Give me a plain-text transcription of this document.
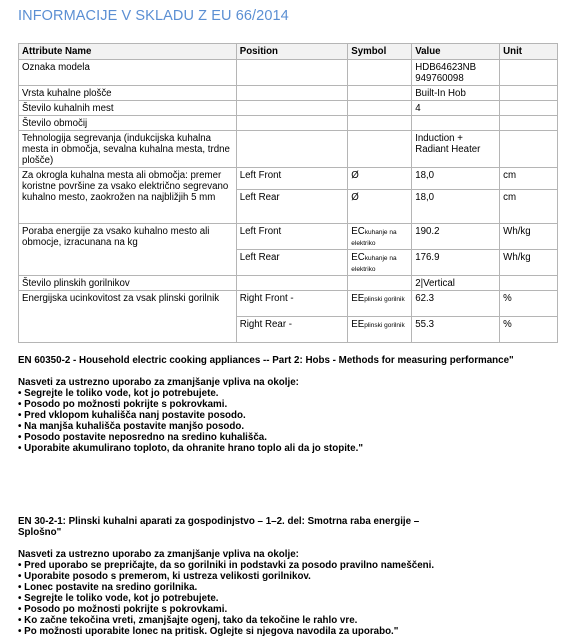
INFORMACIJE V SKLADU Z EU 66/2014
Attribute Name	Position	Symbol	Value	Unit
Oznaka modela			HDB64623NB
949760098	

Vrsta kuhalne plošče			Built-In Hob	
Število kuhalnih mest			4	
Število območij				
Tehnologija segrevanja (indukcijska kuhalna mesta in območja, sevalna kuhalna mesta, trdne plošče)			Induction + Radiant Heater	
Za okrogla kuhalna mesta ali območja: premer koristne površine za vsako električno segrevano kuhalno mesto, zaokrožen na najbližjih 5 mm	Left Front	Ø	18,0	cm
	Left Rear	Ø	18,0	cm
Poraba energije za vsako kuhalno mesto ali obmocje, izracunana na kg	Left Front	ECkuhanje na elektriko	190.2	Wh/kg
	Left Rear	ECkuhanje na elektriko	176.9	Wh/kg
Število plinskih gorilnikov			2|Vertical	
Energijska ucinkovitost za vsak plinski gorilnik	Right Front -	EEplinski gorilnik	62.3	%
	Right Rear -	EEplinski gorilnik	55.3	%

EN 60350-2 - Household electric cooking appliances -- Part 2: Hobs - Methods for measuring performance"

Nasveti za ustrezno uporabo za zmanjšanje vpliva na okolje:

• Segrejte le toliko vode, kot jo potrebujete.
• Posodo po možnosti pokrijte s pokrovkami.
• Pred vklopom kuhališča nanj postavite posodo.
• Na manjša kuhališča postavite manjšo posodo.
• Posodo postavite neposredno na sredino kuhališča.
• Uporabite akumulirano toploto, da ohranite hrano toplo ali da jo stopite."

EN 30-2-1: Plinski kuhalni aparati za gospodinjstvo – 1–2. del: Smotrna raba energije – Splošno"

Nasveti za ustrezno uporabo za zmanjšanje vpliva na okolje:

• Pred uporabo se prepričajte, da so gorilniki in podstavki za posodo pravilno nameščeni.
• Uporabite posodo s premerom, ki ustreza velikosti gorilnikov.
• Lonec postavite na sredino gorilnika.
• Segrejte le toliko vode, kot jo potrebujete.
• Posodo po možnosti pokrijte s pokrovkami.
• Ko začne tekočina vreti, zmanjšajte ogenj, tako da tekočine le rahlo vre.
• Po možnosti uporabite lonec na pritisk. Oglejte si njegova navodila za uporabo."
